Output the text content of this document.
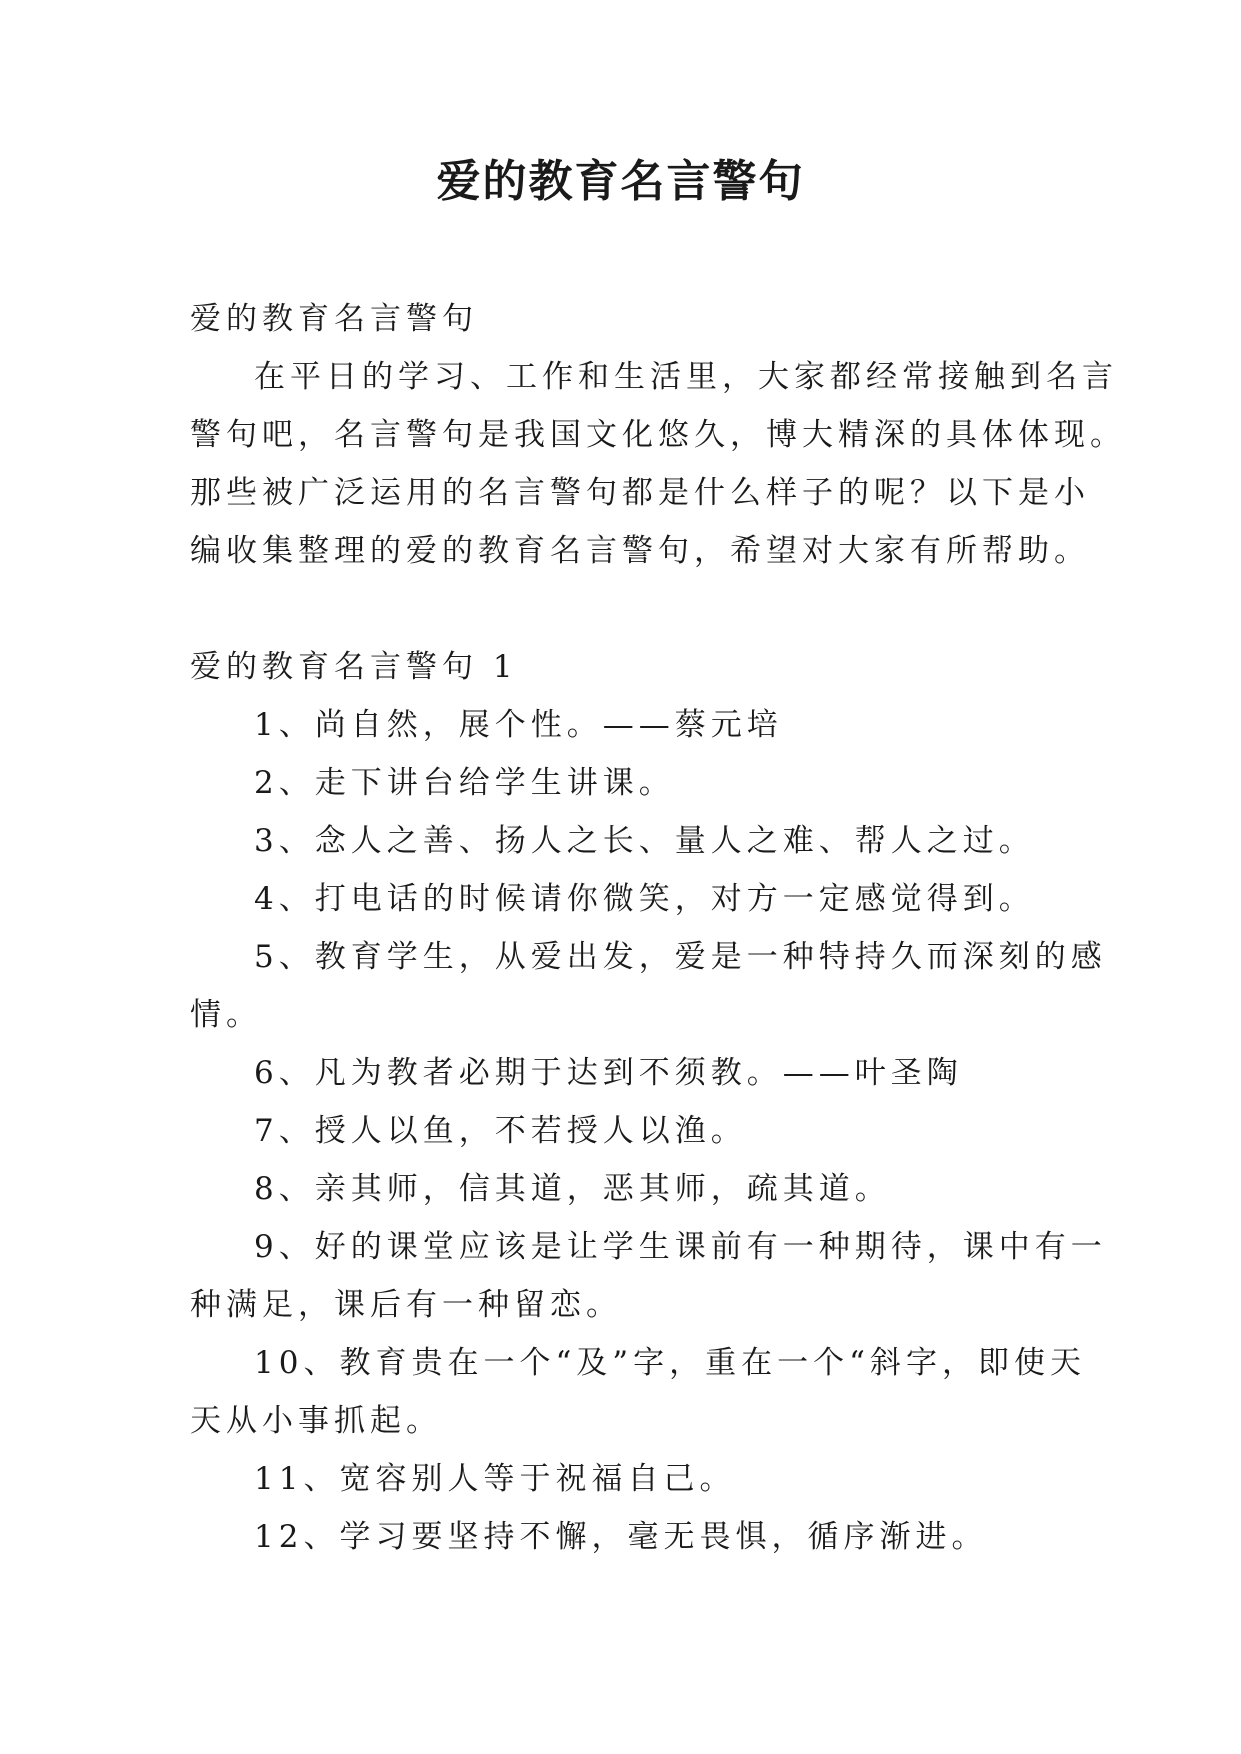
爱的教育名言警句
爱的教育名言警句
在平日的学习、工作和生活里，大家都经常接触到名言
警句吧，名言警句是我国文化悠久，博大精深的具体体现。
那些被广泛运用的名言警句都是什么样子的呢？以下是小
编收集整理的爱的教育名言警句，希望对大家有所帮助。
爱的教育名言警句 1
1、尚自然，展个性。——蔡元培
2、走下讲台给学生讲课。
3、念人之善、扬人之长、量人之难、帮人之过。
4、打电话的时候请你微笑，对方一定感觉得到。
5、教育学生，从爱出发，爱是一种特持久而深刻的感
情。
6、凡为教者必期于达到不须教。——叶圣陶
7、授人以鱼，不若授人以渔。
8、亲其师，信其道，恶其师，疏其道。
9、好的课堂应该是让学生课前有一种期待，课中有一
种满足，课后有一种留恋。
10、教育贵在一个“及”字，重在一个“斜字，即使天
天从小事抓起。
11、宽容别人等于祝福自己。
12、学习要坚持不懈，毫无畏惧，循序渐进。
